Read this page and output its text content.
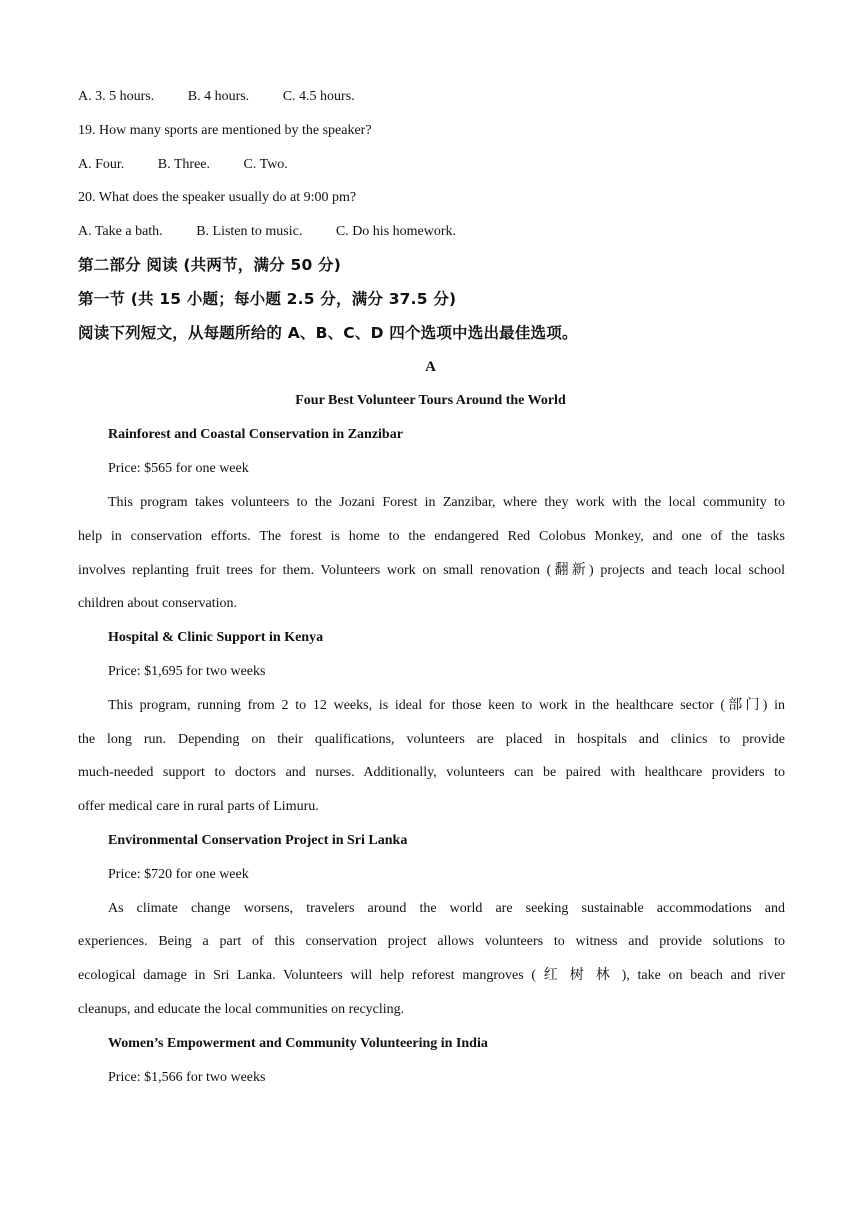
A. 3. 5 hours. B. 4 hours. C. 4.5 hours.
19. How many sports are mentioned by the speaker?
A. Four. B. Three. C. Two.
20. What does the speaker usually do at 9:00 pm?
A. Take a bath. B. Listen to music. C. Do his homework.
第二部分 阅读 (共两节，满分 50 分)
第一节 (共 15 小题；每小题 2.5 分，满分 37.5 分)
阅读下列短文，从每题所给的 A、B、C、D 四个选项中选出最佳选项。
A
Four Best Volunteer Tours Around the World
Rainforest and Coastal Conservation in Zanzibar
Price: $565 for one week
This program takes volunteers to the Jozani Forest in Zanzibar, where they work with the local community to
help in conservation efforts. The forest is home to the endangered Red Colobus Monkey, and one of the tasks
involves replanting fruit trees for them. Volunteers work on small renovation (翻新) projects and teach local school
children about conservation.
Hospital & Clinic Support in Kenya
Price: $1,695 for two weeks
This program, running from 2 to 12 weeks, is ideal for those keen to work in the healthcare sector (部门) in
the long run. Depending on their qualifications, volunteers are placed in hospitals and clinics to provide
much-needed support to doctors and nurses. Additionally, volunteers can be paired with healthcare providers to
offer medical care in rural parts of Limuru.
Environmental Conservation Project in Sri Lanka
Price: $720 for one week
As climate change worsens, travelers around the world are seeking sustainable accommodations and
experiences. Being a part of this conservation project allows volunteers to witness and provide solutions to
ecological damage in Sri Lanka. Volunteers will help reforest mangroves ( 红 树 林 ), take on beach and river
cleanups, and educate the local communities on recycling.
Women’s Empowerment and Community Volunteering in India
Price: $1,566 for two weeks
